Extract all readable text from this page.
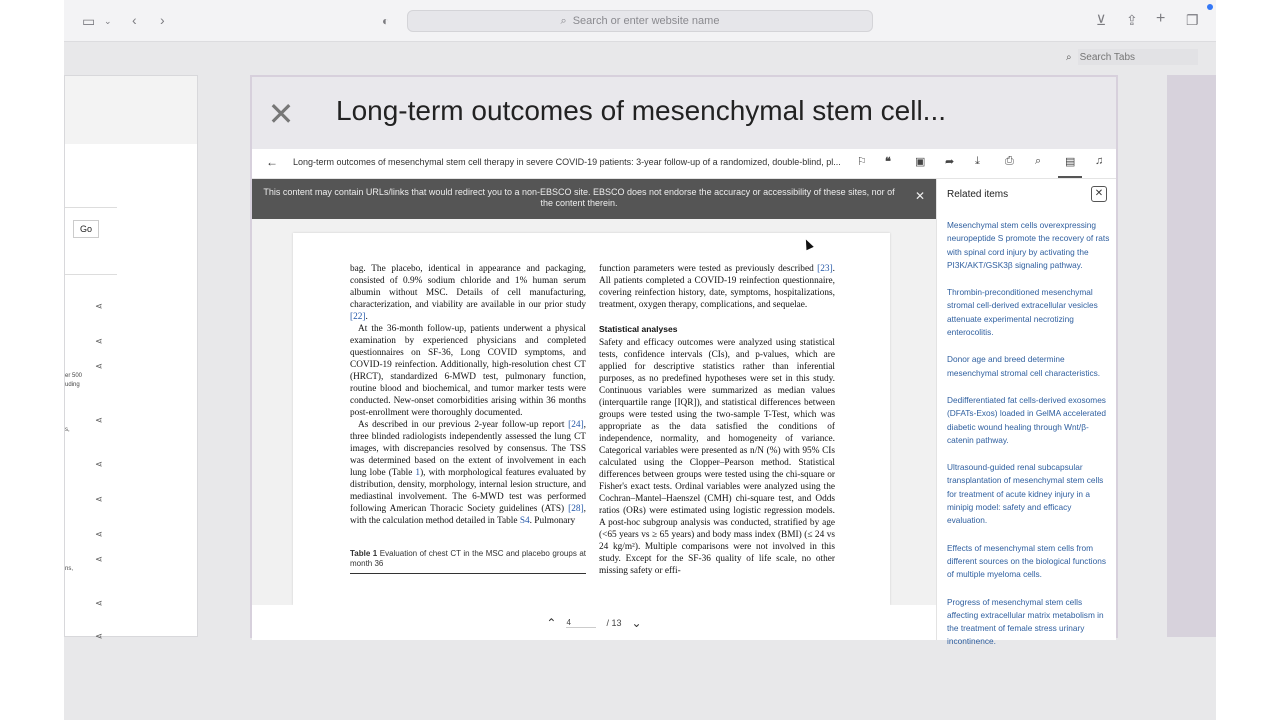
▭ ⌄ ‹ ›	◐	⌕ Search or enter website name	⊻ ⇪ + ❐
⌕
Search Tabs
Go
⋖
⋖
⋖
er 500
uding
⋖
s,
⋖
⋖
⋖
⋖
ns,
⋖
⋖
✕ Long-term outcomes of mesenchymal stem cell...
← Long-term outcomes of mesenchymal stem cell therapy in severe COVID-19 patients: 3-year follow-up of a randomized, double-blind, pl... ⚐ ❝ ▣ ➦ ⤓ ⎙ ⌕ ▤ ♫
This content may contain URLs/links that would redirect you to a non-EBSCO site. EBSCO does not endorse the accuracy or accessibility of these sites, nor of the content therein.	✕

bag. The placebo, identical in appearance and packaging, consisted of 0.9% sodium chloride and 1% human serum albumin without MSC. Details of cell manufacturing, characterization, and viability are available in our prior study [22].

At the 36-month follow-up, patients underwent a physical examination by experienced physicians and completed questionnaires on SF-36, Long COVID symptoms, and COVID-19 reinfection. Additionally, high-resolution chest CT (HRCT), standardized 6-MWD test, pulmonary function, routine blood and biochemical, and tumor marker tests were conducted. New-onset comorbidities arising within 36 months post-enrollment were thoroughly documented.

As described in our previous 2-year follow-up report [24], three blinded radiologists independently assessed the lung CT images, with discrepancies resolved by consensus. The TSS was determined based on the extent of involvement in each lung lobe (Table 1), with morphological features evaluated by distribution, density, morphology, internal lesion structure, and mediastinal involvement. The 6-MWD test was performed following American Thoracic Society guidelines (ATS) [28], with the calculation method detailed in Table S4. Pulmonary

Table 1 Evaluation of chest CT in the MSC and placebo groups at month 36

function parameters were tested as previously described [23]. All patients completed a COVID-19 reinfection questionnaire, covering reinfection history, date, symptoms, hospitalizations, treatment, oxygen therapy, complications, and sequelae.

Statistical analyses

Safety and efficacy outcomes were analyzed using statistical tests, confidence intervals (CIs), and p-values, which are applied for descriptive statistics rather than inferential purposes, as no predefined hypotheses were set in this study. Continuous variables were summarized as median values (interquartile range [IQR]), and statistical differences between groups were tested using the two-sample T-Test, which was appropriate as the data satisfied the conditions of independence, normality, and homogeneity of variance. Categorical variables were presented as n/N (%) with 95% CIs calculated using the Clopper–Pearson method. Statistical differences between groups were tested using the chi-square or Fisher's exact tests. Ordinal variables were analyzed using the Cochran–Mantel–Haenszel (CMH) chi-square test, and Odds ratios (ORs) were estimated using logistic regression models. A post-hoc subgroup analysis was conducted, stratified by age (<65 years vs ≥ 65 years) and body mass index (BMI) (≤ 24 vs 24 kg/m²). Multiple comparisons were not involved in this study. Except for the SF-36 quality of life scale, no other missing safety or effi-

⌃
4	/ 13 ⌄
Related items	✕
Mesenchymal stem cells overexpressing neuropeptide S promote the recovery of rats with spinal cord injury by activating the PI3K/AKT/GSK3β signaling pathway.
Thrombin-preconditioned mesenchymal stromal cell-derived extracellular vesicles attenuate experimental necrotizing enterocolitis.
Donor age and breed determine mesenchymal stromal cell characteristics.
Dedifferentiated fat cells-derived exosomes (DFATs-Exos) loaded in GelMA accelerated diabetic wound healing through Wnt/β-catenin pathway.
Ultrasound-guided renal subcapsular transplantation of mesenchymal stem cells for treatment of acute kidney injury in a minipig model: safety and efficacy evaluation.
Effects of mesenchymal stem cells from different sources on the biological functions of multiple myeloma cells.
Progress of mesenchymal stem cells affecting extracellular matrix metabolism in the treatment of female stress urinary incontinence.
